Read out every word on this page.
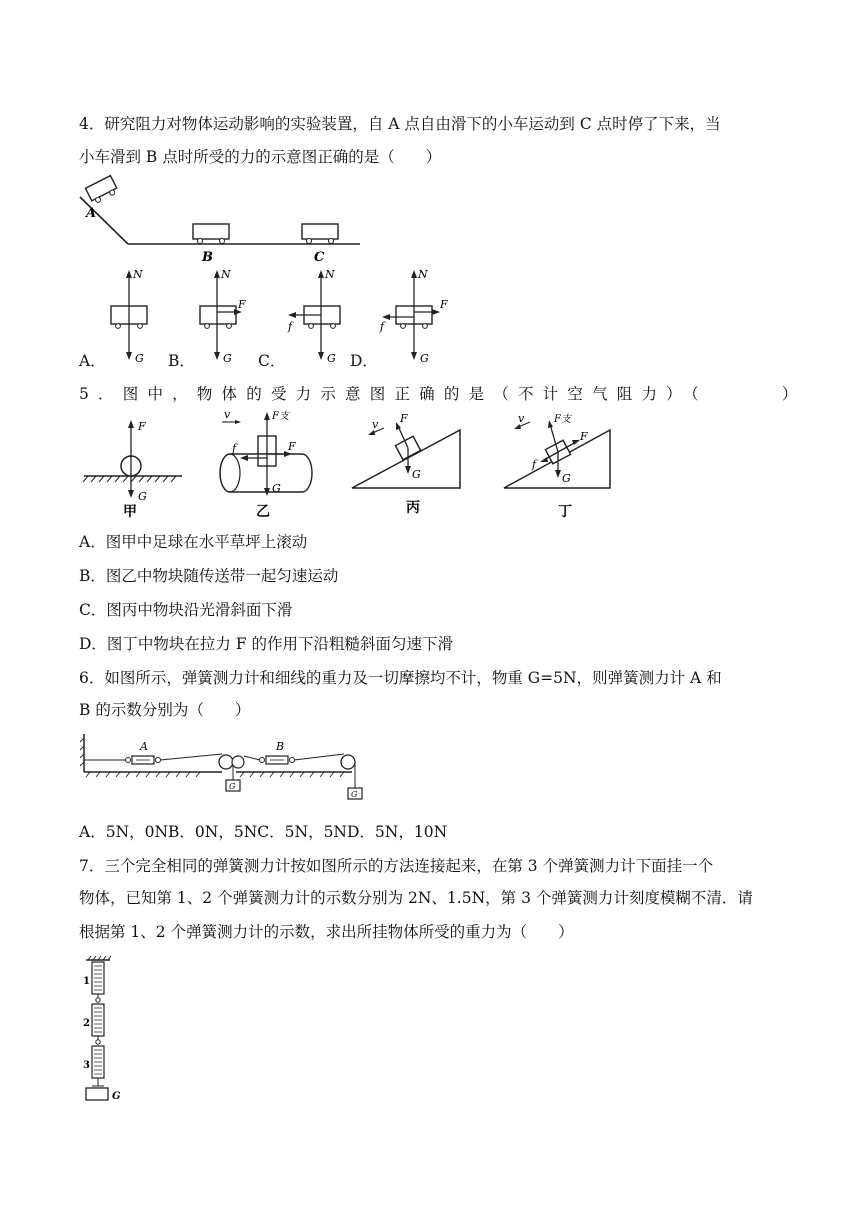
4．研究阻力对物体运动影响的实验装置，自 A 点自由滑下的小车运动到 C 点时停了下来，当
小车滑到 B 点时所受的力的示意图正确的是（　　）
A
B	C
N
G
N
F
G
N
f
G
N
F
f
G
A．	B．	C．	D．
5．图中，物体的受力示意图正确的是（不计空气阻力）（　　　）
F
G
甲
v	F支
F
f
G
乙
v F
G
丙
v	F支
F
f
G
丁
A．图甲中足球在水平草坪上滚动
B．图乙中物块随传送带一起匀速运动
C．图丙中物块沿光滑斜面下滑
D．图丁中物块在拉力 F 的作用下沿粗糙斜面匀速下滑
6．如图所示，弹簧测力计和细线的重力及一切摩擦均不计，物重 G=5N，则弹簧测力计 A 和
B 的示数分别为（　　）
A
G
B
G
A．5N，0NB．0N，5NC．5N，5ND．5N，10N
7．三个完全相同的弹簧测力计按如图所示的方法连接起来，在第 3 个弹簧测力计下面挂一个
物体，已知第 1、2 个弹簧测力计的示数分别为 2N、1.5N，第 3 个弹簧测力计刻度模糊不清．请
根据第 1、2 个弹簧测力计的示数，求出所挂物体所受的重力为（　　）
1
2
3
G
